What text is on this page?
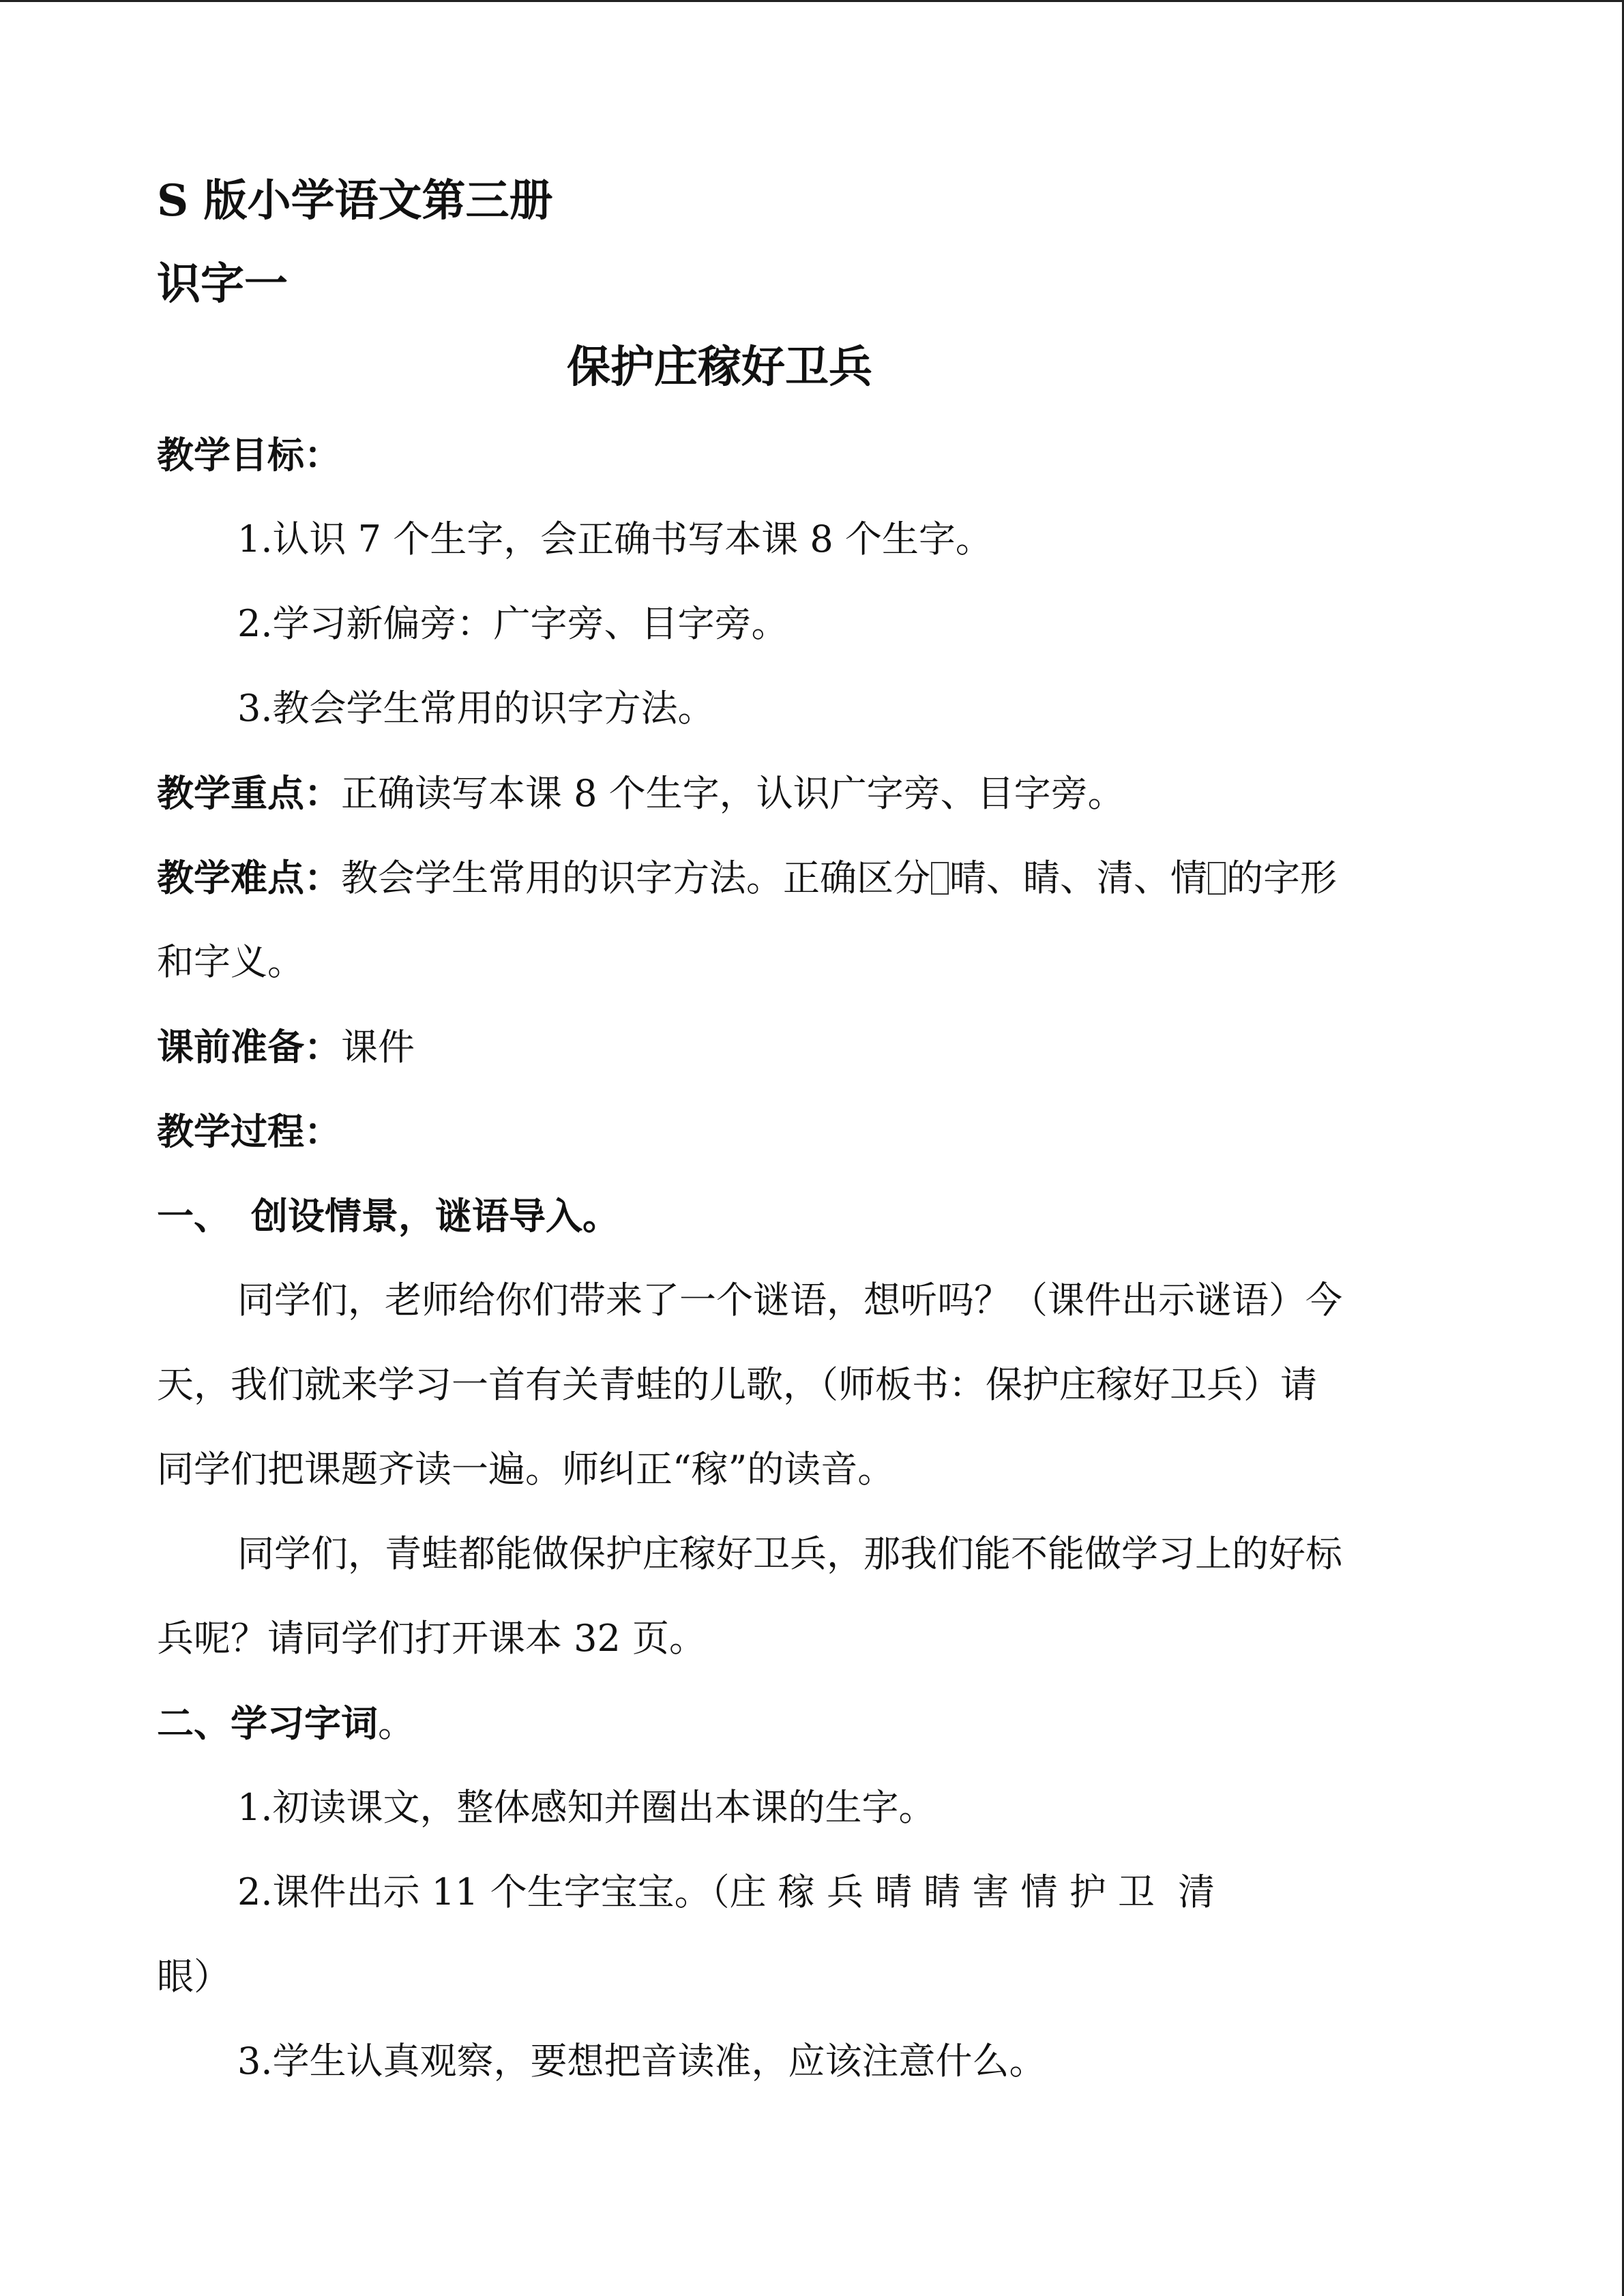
S 版小学语文第三册
识字一
保护庄稼好卫兵
教学目标：
1.认识 7 个生字，会正确书写本课 8 个生字。
2.学习新偏旁：广字旁、目字旁。
3.教会学生常用的识字方法。
教学重点：正确读写本课 8 个生字，认识广字旁、目字旁。
教学难点：教会学生常用的识字方法。正确区分 晴、睛、清、情 的字形
和字义。
课前准备：课件
教学过程：
一、 创设情景，谜语导入。
同学们，老师给你们带来了一个谜语，想听吗？（课件出示谜语）今
天，我们就来学习一首有关青蛙的儿歌，（师板书：保护庄稼好卫兵）请
同学们把课题齐读一遍。师纠正“稼”的读音。
同学们，青蛙都能做保护庄稼好卫兵，那我们能不能做学习上的好标
兵呢？请同学们打开课本 32 页。
二、学习字词。
1.初读课文，整体感知并圈出本课的生字。
2.课件出示 11 个生字宝宝。（庄 稼 兵 晴 睛 害 情 护 卫  清
眼）
3.学生认真观察，要想把音读准，应该注意什么。
